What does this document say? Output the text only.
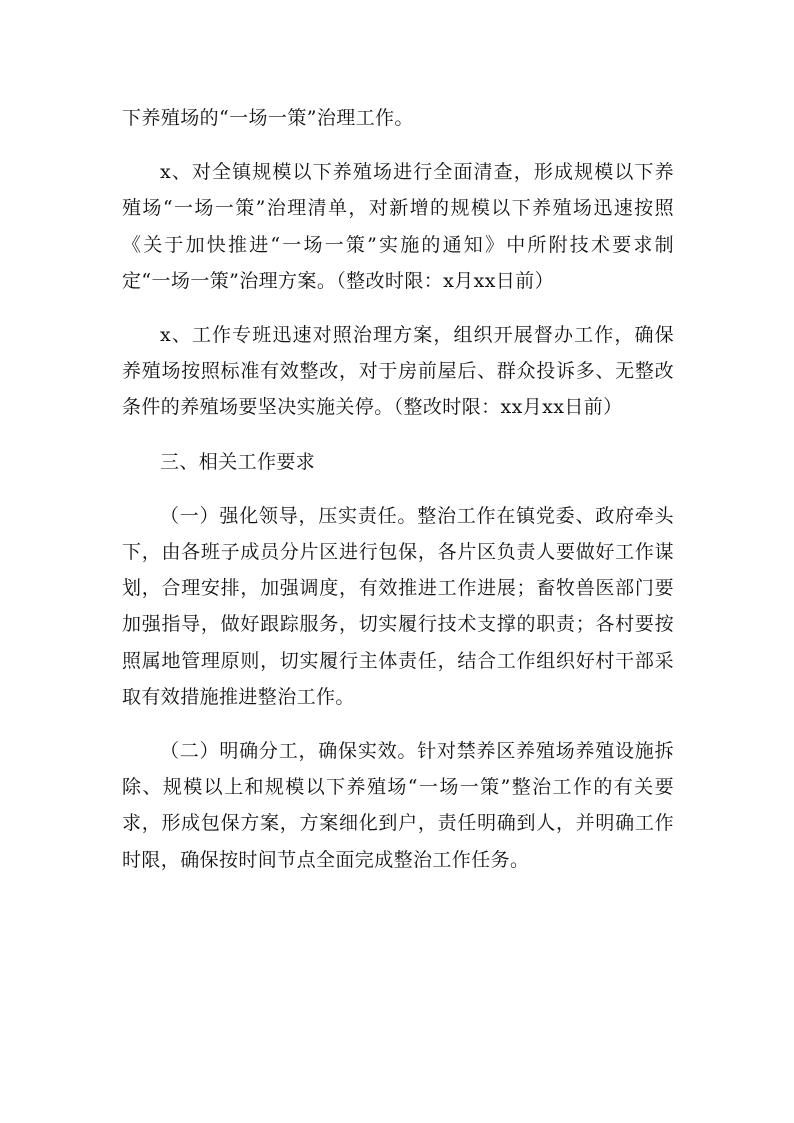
下养殖场的“一场一策”治理工作。

x、对全镇规模以下养殖场进行全面清查，形成规模以下养殖场“一场一策”治理清单，对新增的规模以下养殖场迅速按照《关于加快推进“一场一策”实施的通知》中所附技术要求制定“一场一策”治理方案。（整改时限：x月xx日前）

x、工作专班迅速对照治理方案，组织开展督办工作，确保养殖场按照标准有效整改，对于房前屋后、群众投诉多、无整改条件的养殖场要坚决实施关停。（整改时限：xx月xx日前）

三、相关工作要求

（一）强化领导，压实责任。整治工作在镇党委、政府牵头下，由各班子成员分片区进行包保，各片区负责人要做好工作谋划，合理安排，加强调度，有效推进工作进展；畜牧兽医部门要加强指导，做好跟踪服务，切实履行技术支撑的职责；各村要按照属地管理原则，切实履行主体责任，结合工作组织好村干部采取有效措施推进整治工作。

（二）明确分工，确保实效。针对禁养区养殖场养殖设施拆除、规模以上和规模以下养殖场“一场一策”整治工作的有关要求，形成包保方案，方案细化到户，责任明确到人，并明确工作时限，确保按时间节点全面完成整治工作任务。
